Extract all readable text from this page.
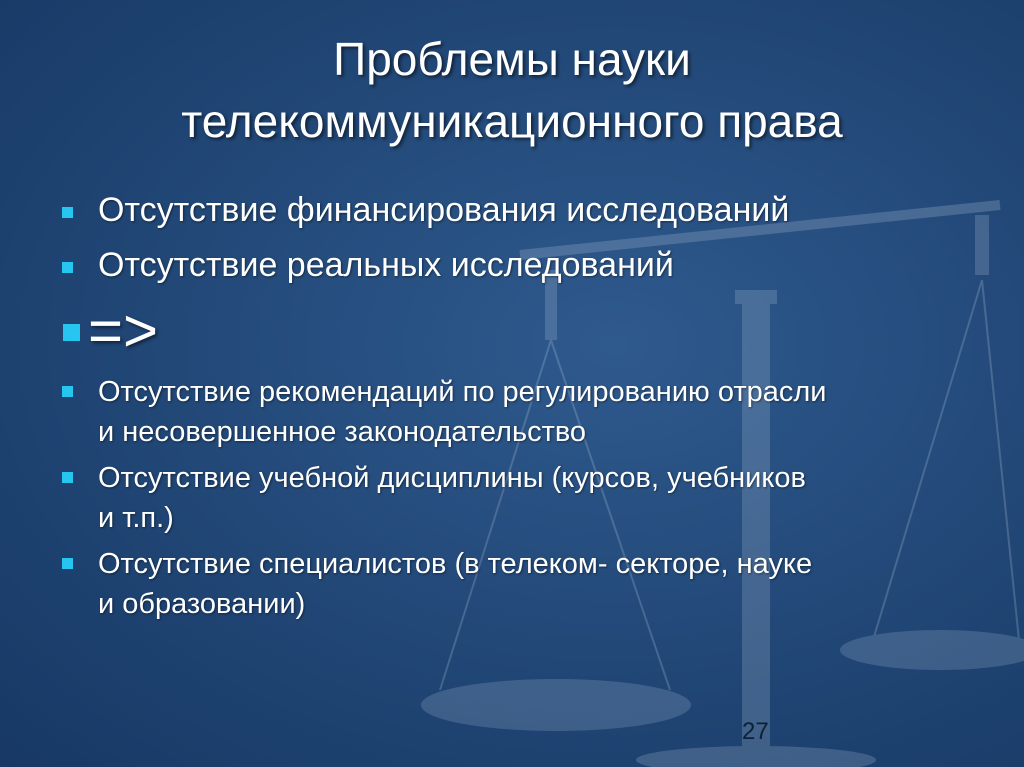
Проблемы науки
телекоммуникационного права
Отсутствие финансирования исследований
Отсутствие реальных исследований
=>
Отсутствие рекомендаций по регулированию отрасли
и несовершенное законодательство
Отсутствие учебной дисциплины (курсов, учебников
и т.п.)
Отсутствие специалистов (в телеком- секторе, науке
и образовании)
27
